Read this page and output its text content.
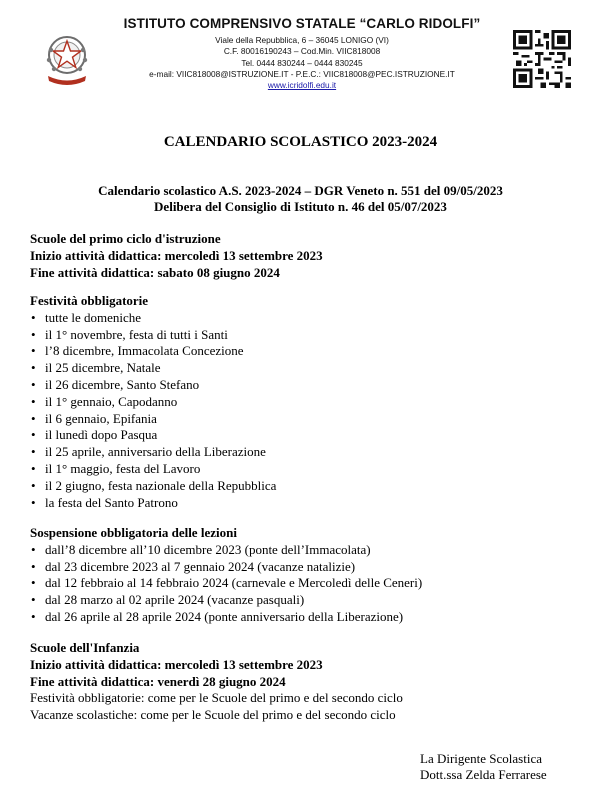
ISTITUTO COMPRENSIVO STATALE “CARLO RIDOLFI”
Viale della Repubblica, 6 – 36045 LONIGO (VI)
C.F. 80016190243 – Cod.Min. VIIC818008
Tel. 0444 830244 – 0444 830245
e-mail: VIIC818008@ISTRUZIONE.IT - P.E.C.: VIIC818008@PEC.ISTRUZIONE.IT
www.icridolfi.edu.it
CALENDARIO SCOLASTICO 2023-2024
Calendario scolastico A.S. 2023-2024 – DGR Veneto n. 551 del 09/05/2023
Delibera del Consiglio di Istituto n. 46 del 05/07/2023
Scuole del primo ciclo d'istruzione
Inizio attività didattica: mercoledì 13 settembre 2023
Fine attività didattica: sabato 08 giugno 2024
Festività obbligatorie
• tutte le domeniche
• il 1° novembre, festa di tutti i Santi
• l’8 dicembre, Immacolata Concezione
• il 25 dicembre, Natale
• il 26 dicembre, Santo Stefano
• il 1° gennaio, Capodanno
• il 6 gennaio, Epifania
• il lunedì dopo Pasqua
• il 25 aprile, anniversario della Liberazione
• il 1° maggio, festa del Lavoro
• il 2 giugno, festa nazionale della Repubblica
• la festa del Santo Patrono
Sospensione obbligatoria delle lezioni
• dall’8 dicembre all’10 dicembre 2023 (ponte dell’Immacolata)
• dal 23 dicembre 2023 al 7 gennaio 2024 (vacanze natalizie)
• dal 12 febbraio al 14 febbraio 2024 (carnevale e Mercoledì delle Ceneri)
• dal 28 marzo al 02 aprile 2024 (vacanze pasquali)
• dal 26 aprile al 28 aprile 2024 (ponte anniversario della Liberazione)
Scuole dell'Infanzia
Inizio attività didattica: mercoledì 13 settembre 2023
Fine attività didattica: venerdì 28 giugno 2024
Festività obbligatorie: come per le Scuole del primo e del secondo ciclo
Vacanze scolastiche: come per le Scuole del primo e del secondo ciclo
La Dirigente Scolastica
Dott.ssa Zelda Ferrarese
